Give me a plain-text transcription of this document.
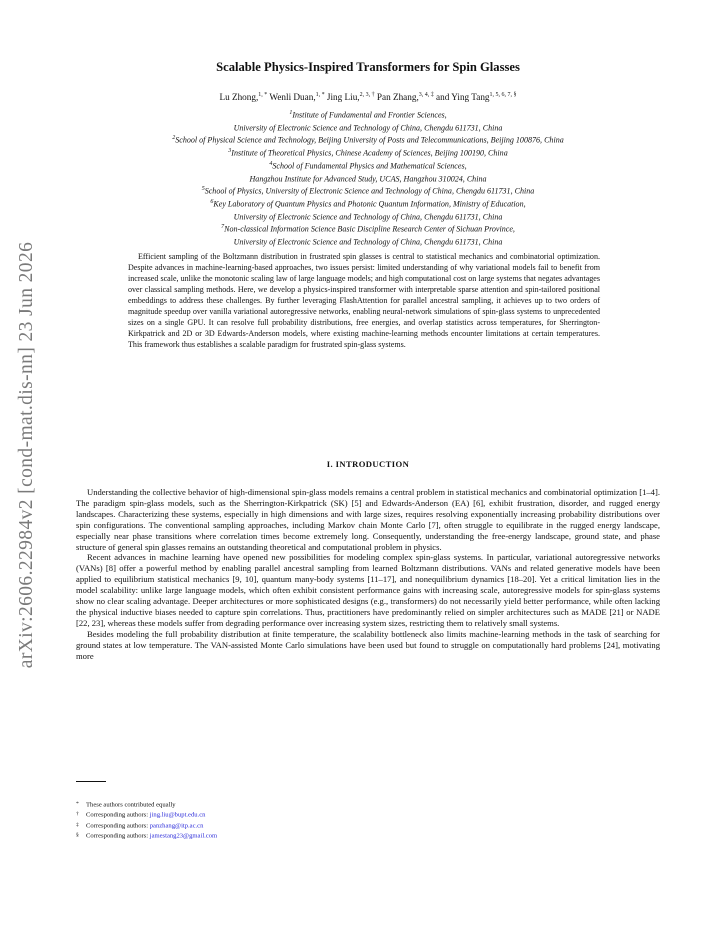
arXiv:2606.22984v2 [cond-mat.dis-nn] 23 Jun 2026
Scalable Physics-Inspired Transformers for Spin Glasses

Lu Zhong,$^{1, *}$ Wenli Duan,$^{1, *}$ Jing Liu,$^{2, 3, \dagger}$ Pan Zhang,$^{3, 4, \ddagger}$ and Ying Tang$^{1, 5, 6, 7, \S}$

$^1$Institute of Fundamental and Frontier Sciences,
University of Electronic Science and Technology of China, Chengdu 611731, China
$^2$School of Physical Science and Technology, Beijing University of Posts and Telecommunications, Beijing 100876, China
$^3$Institute of Theoretical Physics, Chinese Academy of Sciences, Beijing 100190, China
$^4$School of Fundamental Physics and Mathematical Sciences,
Hangzhou Institute for Advanced Study, UCAS, Hangzhou 310024, China
$^5$School of Physics, University of Electronic Science and Technology of China, Chengdu 611731, China
$^6$Key Laboratory of Quantum Physics and Photonic Quantum Information, Ministry of Education,
University of Electronic Science and Technology of China, Chengdu 611731, China
$^7$Non-classical Information Science Basic Discipline Research Center of Sichuan Province,
University of Electronic Science and Technology of China, Chengdu 611731, China

Efficient sampling of the Boltzmann distribution in frustrated spin glasses is central to statistical mechanics and combinatorial optimization. Despite advances in machine-learning-based approaches, two issues persist: limited understanding of why variational models fail to benefit from increased scale, unlike the monotonic scaling law of large language models; and high computational cost on large systems that negates advantages over classical sampling methods. Here, we develop a physics-inspired transformer with interpretable sparse attention and spin-tailored positional embeddings to address these challenges. By further leveraging FlashAttention for parallel ancestral sampling, it achieves up to two orders of magnitude speedup over vanilla variational autoregressive networks, enabling neural-network simulations of spin-glass systems to unprecedented sizes on a single GPU. It can resolve full probability distributions, free energies, and overlap statistics across temperatures, for Sherrington-Kirkpatrick and 2D or 3D Edwards-Anderson models, where existing machine-learning methods encounter limitations at certain temperatures. This framework thus establishes a scalable paradigm for frustrated spin-glass systems.

I. INTRODUCTION

Understanding the collective behavior of high-dimensional spin-glass models remains a central problem in statistical mechanics and combinatorial optimization [1–4]. The paradigm spin-glass models, such as the Sherrington-Kirkpatrick (SK) [5] and Edwards-Anderson (EA) [6], exhibit frustration, disorder, and rugged energy landscapes. Characterizing these systems, especially in high dimensions and with large sizes, requires resolving exponentially increasing probability distributions over spin configurations. The conventional sampling approaches, including Markov chain Monte Carlo [7], often struggle to equilibrate in the rugged energy landscape, especially near phase transitions where correlation times become extremely long. Consequently, understanding the free-energy landscape, ground state, and phase structure of general spin glasses remains an outstanding theoretical and computational problem in physics.

Recent advances in machine learning have opened new possibilities for modeling complex spin-glass systems. In particular, variational autoregressive networks (VANs) [8] offer a powerful method by enabling parallel ancestral sampling from learned Boltzmann distributions. VANs and related generative models have been applied to equilibrium statistical mechanics [9, 10], quantum many-body systems [11–17], and nonequilibrium dynamics [18–20]. Yet a critical limitation lies in the model scalability: unlike large language models, which often exhibit consistent performance gains with increasing scale, autoregressive models for spin-glass systems show no clear scaling advantage. Deeper architectures or more sophisticated designs (e.g., transformers) do not necessarily yield better performance, while often lacking the physical inductive biases needed to capture spin correlations. Thus, practitioners have predominantly relied on simpler architectures such as MADE [21] or NADE [22, 23], whereas these models suffer from degrading performance over increasing system sizes, restricting them to relatively small systems.

Besides modeling the full probability distribution at finite temperature, the scalability bottleneck also limits machine-learning methods in the task of searching for ground states at low temperature. The VAN-assisted Monte Carlo simulations have been used but found to struggle on computationally hard problems [24], motivating more

* These authors contributed equally

† Corresponding authors: jing.liu@bupt.edu.cn

‡ Corresponding authors: panzhang@itp.ac.cn

§ Corresponding authors: jamestang23@gmail.com
